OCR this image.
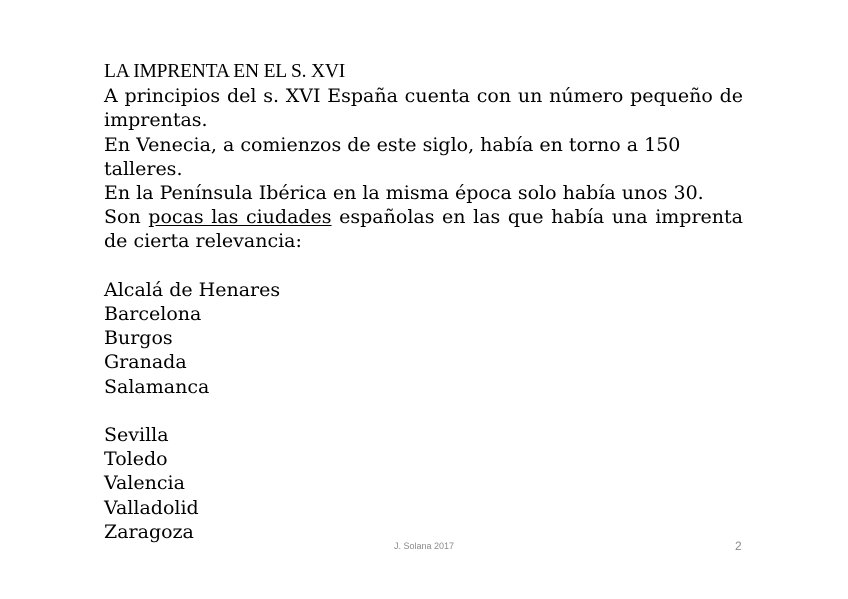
LA IMPRENTA EN EL S. XVI

A principios del s. XVI España cuenta con un número pequeño de imprentas.

En Venecia, a comienzos de este siglo, había en torno a 150 talleres.

En la Península Ibérica en la misma época solo había unos 30.

Son pocas las ciudades españolas en las que había una imprenta de cierta relevancia:

Alcalá de Henares
Barcelona
Burgos
Granada
Salamanca
Sevilla
Toledo
Valencia
Valladolid
Zaragoza
J. Solana 2017	2
